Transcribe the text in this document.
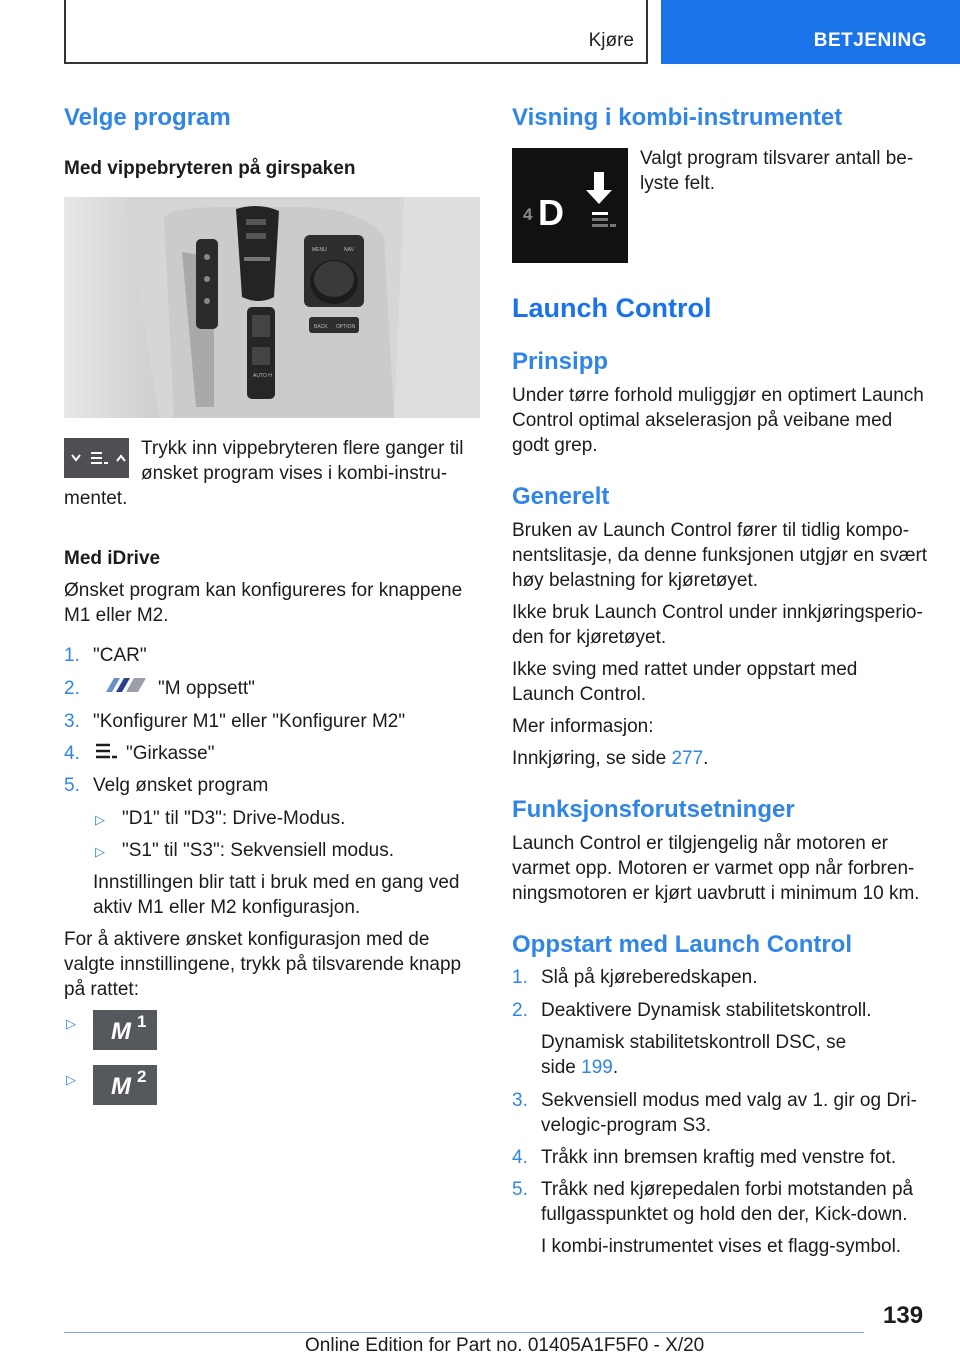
Kjøre	BETJENING
Velge program
Med vippebryteren på girspaken
MENU	NAV
BACK OPTION
AUTO H

Trykk inn vippebryteren flere ganger til

ønsket program vises i kombi-instru-

mentet.

Med iDrive

Ønsket program kan konfigureres for knappene

M1 eller M2.

1. "CAR"

2.	"M oppsett"

3. "Konfigurer M1" eller "Konfigurer M2"

4. "Girkasse"

5. Velg ønsket program

▷ "D1" til "D3": Drive-Modus.

▷ "S1" til "S3": Sekvensiell modus.

Innstillingen blir tatt i bruk med en gang ved

aktiv M1 eller M2 konfigurasjon.

For å aktivere ønsket konfigurasjon med de

valgte innstillingene, trykk på tilsvarende knapp

på rattet:

▷ M 1
▷ M 2
Visning i kombi-instrumentet
4 D

Valgt program tilsvarer antall be-

lyste felt.

Launch Control
Prinsipp

Under tørre forhold muliggjør en optimert Launch

Control optimal akselerasjon på veibane med

godt grep.

Generelt

Bruken av Launch Control fører til tidlig kompo-

nentslitasje, da denne funksjonen utgjør en svært

høy belastning for kjøretøyet.

Ikke bruk Launch Control under innkjøringsperio-

den for kjøretøyet.

Ikke sving med rattet under oppstart med

Launch Control.

Mer informasjon:

Innkjøring, se side 277.

Funksjonsforutsetninger

Launch Control er tilgjengelig når motoren er

varmet opp. Motoren er varmet opp når forbren-

ningsmotoren er kjørt uavbrutt i minimum 10 km.

Oppstart med Launch Control
1. Slå på kjøreberedskapen.

2. Deaktivere Dynamisk stabilitetskontroll.

Dynamisk stabilitetskontroll DSC, se

side 199.

3. Sekvensiell modus med valg av 1. gir og Dri-

velogic-program S3.

4. Tråkk inn bremsen kraftig med venstre fot.

5. Tråkk ned kjørepedalen forbi motstanden på

fullgasspunktet og hold den der, Kick-down.

I kombi-instrumentet vises et flagg-symbol.

139
Online Edition for Part no. 01405A1F5F0 - X/20
